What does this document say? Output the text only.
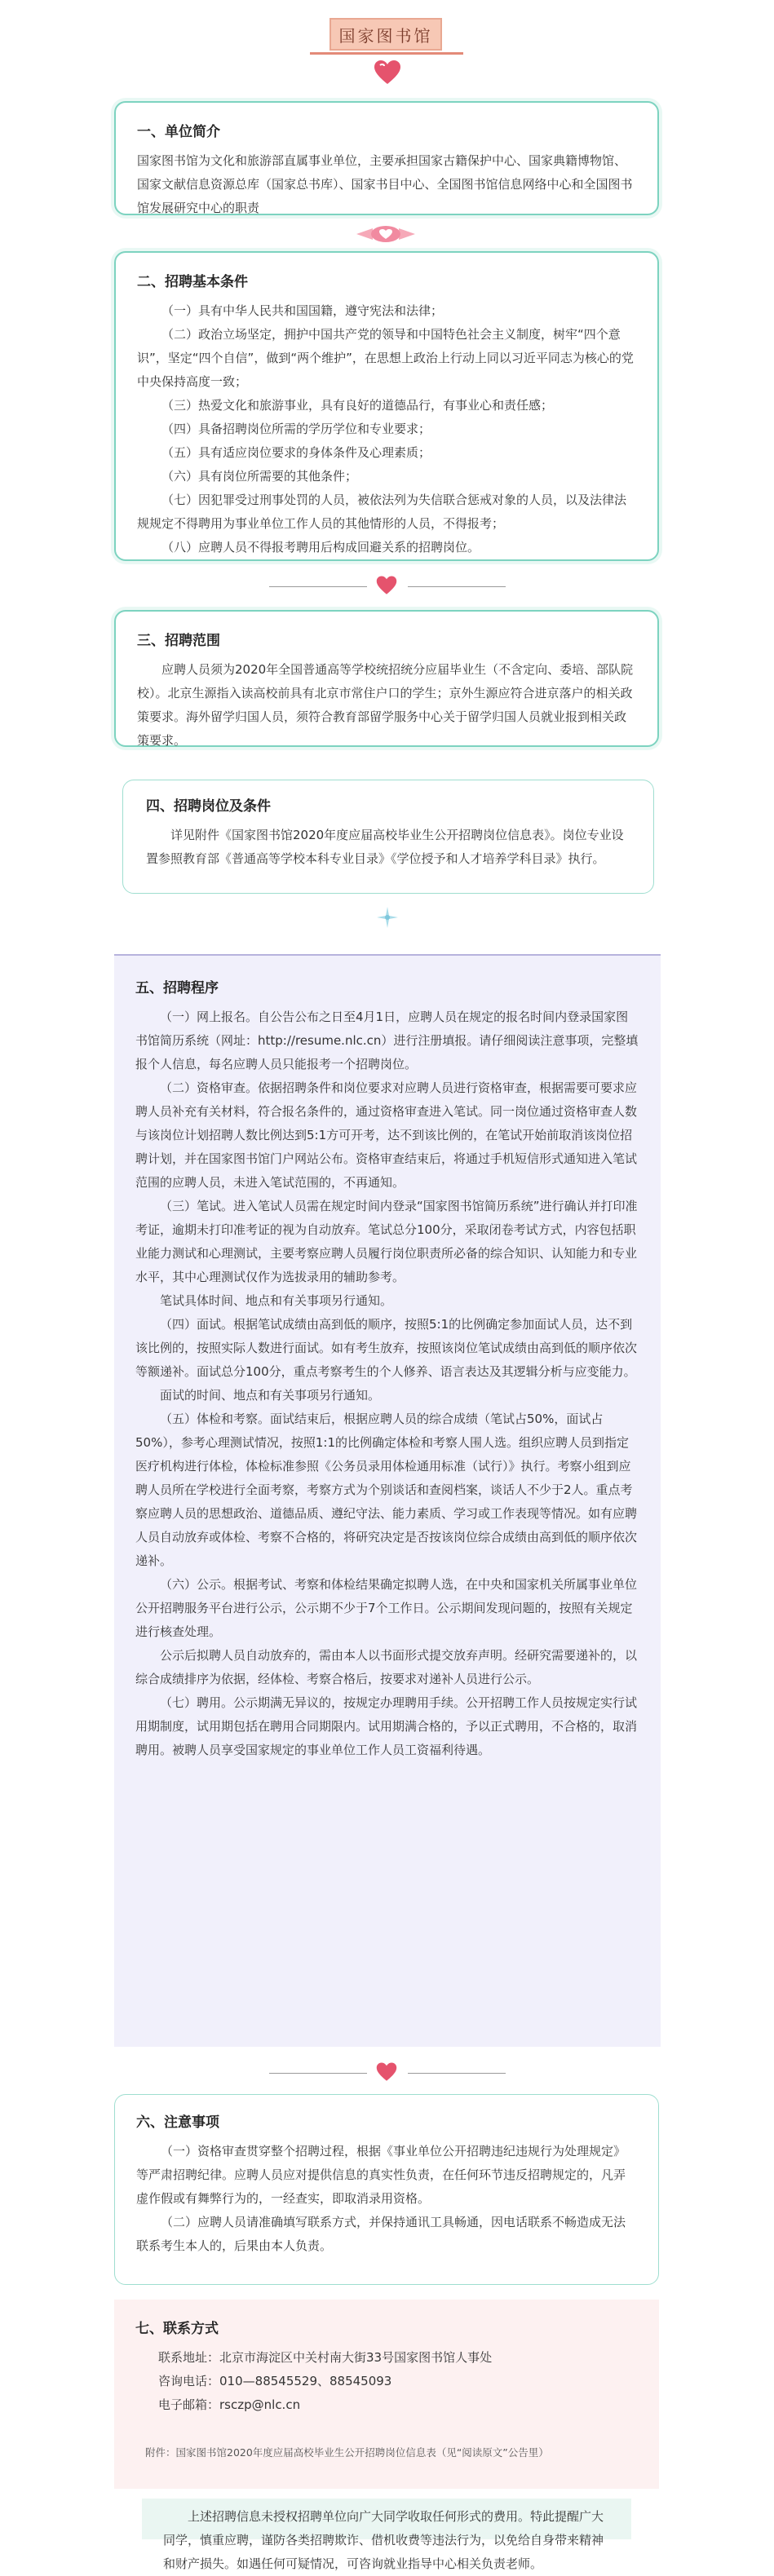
国家图书馆
一、单位简介

国家图书馆为文化和旅游部直属事业单位，主要承担国家古籍保护中心、国家典籍博物馆、国家文献信息资源总库（国家总书库）、国家书目中心、全国图书馆信息网络中心和全国图书馆发展研究中心的职责

二、招聘基本条件

（一）具有中华人民共和国国籍，遵守宪法和法律；

（二）政治立场坚定，拥护中国共产党的领导和中国特色社会主义制度，树牢“四个意识”，坚定“四个自信”，做到“两个维护”，在思想上政治上行动上同以习近平同志为核心的党中央保持高度一致；

（三）热爱文化和旅游事业，具有良好的道德品行，有事业心和责任感；

（四）具备招聘岗位所需的学历学位和专业要求；

（五）具有适应岗位要求的身体条件及心理素质；

（六）具有岗位所需要的其他条件；

（七）因犯罪受过刑事处罚的人员，被依法列为失信联合惩戒对象的人员，以及法律法规规定不得聘用为事业单位工作人员的其他情形的人员，不得报考；

（八）应聘人员不得报考聘用后构成回避关系的招聘岗位。

三、招聘范围

应聘人员须为2020年全国普通高等学校统招统分应届毕业生（不含定向、委培、部队院校）。北京生源指入读高校前具有北京市常住户口的学生；京外生源应符合进京落户的相关政策要求。海外留学归国人员，须符合教育部留学服务中心关于留学归国人员就业报到相关政策要求。

四、招聘岗位及条件

详见附件《国家图书馆2020年度应届高校毕业生公开招聘岗位信息表》。岗位专业设置参照教育部《普通高等学校本科专业目录》《学位授予和人才培养学科目录》执行。

五、招聘程序

（一）网上报名。自公告公布之日至4月1日，应聘人员在规定的报名时间内登录国家图书馆简历系统（网址：http://resume.nlc.cn）进行注册填报。请仔细阅读注意事项，完整填报个人信息，每名应聘人员只能报考一个招聘岗位。

（二）资格审查。依据招聘条件和岗位要求对应聘人员进行资格审查，根据需要可要求应聘人员补充有关材料，符合报名条件的，通过资格审查进入笔试。同一岗位通过资格审查人数与该岗位计划招聘人数比例达到5:1方可开考，达不到该比例的，在笔试开始前取消该岗位招聘计划，并在国家图书馆门户网站公布。资格审查结束后，将通过手机短信形式通知进入笔试范围的应聘人员，未进入笔试范围的，不再通知。

（三）笔试。进入笔试人员需在规定时间内登录“国家图书馆简历系统”进行确认并打印准考证，逾期未打印准考证的视为自动放弃。笔试总分100分，采取闭卷考试方式，内容包括职业能力测试和心理测试，主要考察应聘人员履行岗位职责所必备的综合知识、认知能力和专业水平，其中心理测试仅作为选拔录用的辅助参考。

笔试具体时间、地点和有关事项另行通知。

（四）面试。根据笔试成绩由高到低的顺序，按照5:1的比例确定参加面试人员，达不到该比例的，按照实际人数进行面试。如有考生放弃，按照该岗位笔试成绩由高到低的顺序依次等额递补。面试总分100分，重点考察考生的个人修养、语言表达及其逻辑分析与应变能力。

面试的时间、地点和有关事项另行通知。

（五）体检和考察。面试结束后，根据应聘人员的综合成绩（笔试占50%，面试占50%），参考心理测试情况，按照1:1的比例确定体检和考察人围人选。组织应聘人员到指定医疗机构进行体检，体检标准参照《公务员录用体检通用标准（试行）》执行。考察小组到应聘人员所在学校进行全面考察，考察方式为个别谈话和查阅档案，谈话人不少于2人。重点考察应聘人员的思想政治、道德品质、遵纪守法、能力素质、学习或工作表现等情况。如有应聘人员自动放弃或体检、考察不合格的，将研究决定是否按该岗位综合成绩由高到低的顺序依次递补。

（六）公示。根据考试、考察和体检结果确定拟聘人选，在中央和国家机关所属事业单位公开招聘服务平台进行公示，公示期不少于7个工作日。公示期间发现问题的，按照有关规定进行核查处理。

公示后拟聘人员自动放弃的，需由本人以书面形式提交放弃声明。经研究需要递补的，以综合成绩排序为依据，经体检、考察合格后，按要求对递补人员进行公示。

（七）聘用。公示期满无异议的，按规定办理聘用手续。公开招聘工作人员按规定实行试用期制度，试用期包括在聘用合同期限内。试用期满合格的，予以正式聘用，不合格的，取消聘用。被聘人员享受国家规定的事业单位工作人员工资福利待遇。

六、注意事项

（一）资格审查贯穿整个招聘过程，根据《事业单位公开招聘违纪违规行为处理规定》等严肃招聘纪律。应聘人员应对提供信息的真实性负责，在任何环节违反招聘规定的，凡弄虚作假或有舞弊行为的，一经查实，即取消录用资格。

（二）应聘人员请准确填写联系方式，并保持通讯工具畅通，因电话联系不畅造成无法联系考生本人的，后果由本人负责。

七、联系方式

联系地址：北京市海淀区中关村南大街33号国家图书馆人事处

咨询电话：010—88545529、88545093

电子邮箱：rsczp@nlc.cn

附件：国家图书馆2020年度应届高校毕业生公开招聘岗位信息表（见“阅读原文”公告里）

上述招聘信息未授权招聘单位向广大同学收取任何形式的费用。特此提醒广大同学，慎重应聘，谨防各类招聘欺诈、借机收费等违法行为，以免给自身带来精神和财产损失。如遇任何可疑情况，可咨询就业指导中心相关负责老师。
